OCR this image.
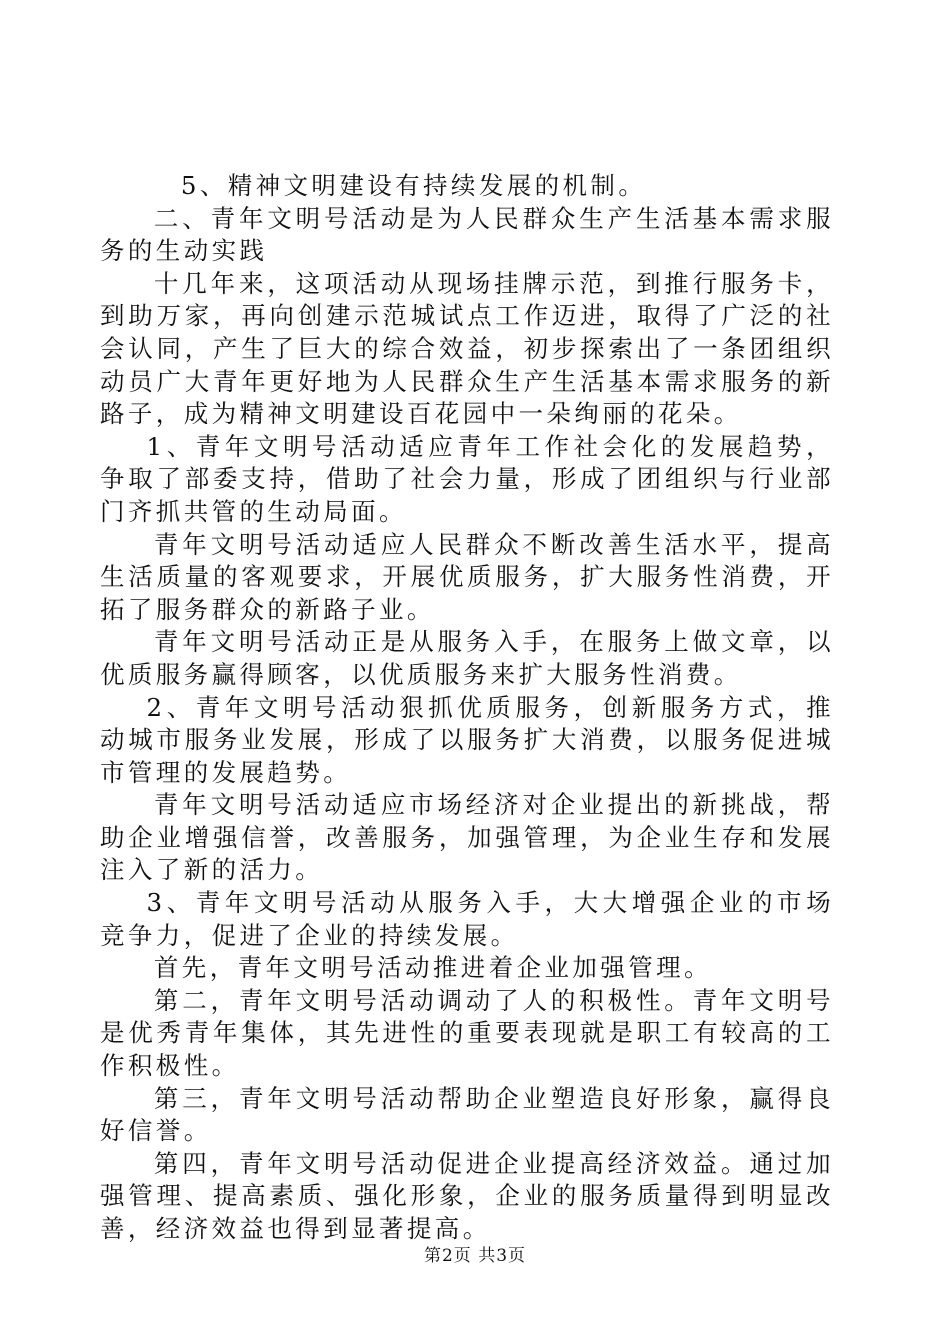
5、精神文明建设有持续发展的机制。

二、青年文明号活动是为人民群众生产生活基本需求服务的生动实践

十几年来，这项活动从现场挂牌示范，到推行服务卡，到助万家，再向创建示范城试点工作迈进，取得了广泛的社会认同，产生了巨大的综合效益，初步探索出了一条团组织动员广大青年更好地为人民群众生产生活基本需求服务的新路子，成为精神文明建设百花园中一朵绚丽的花朵。

1、青年文明号活动适应青年工作社会化的发展趋势，争取了部委支持，借助了社会力量，形成了团组织与行业部门齐抓共管的生动局面。

青年文明号活动适应人民群众不断改善生活水平，提高生活质量的客观要求，开展优质服务，扩大服务性消费，开拓了服务群众的新路子业。

青年文明号活动正是从服务入手，在服务上做文章，以优质服务赢得顾客，以优质服务来扩大服务性消费。

2、青年文明号活动狠抓优质服务，创新服务方式，推动城市服务业发展，形成了以服务扩大消费，以服务促进城市管理的发展趋势。

青年文明号活动适应市场经济对企业提出的新挑战，帮助企业增强信誉，改善服务，加强管理，为企业生存和发展注入了新的活力。

3、青年文明号活动从服务入手，大大增强企业的市场竞争力，促进了企业的持续发展。

首先，青年文明号活动推进着企业加强管理。

第二，青年文明号活动调动了人的积极性。青年文明号是优秀青年集体，其先进性的重要表现就是职工有较高的工作积极性。

第三，青年文明号活动帮助企业塑造良好形象，赢得良好信誉。

第四，青年文明号活动促进企业提高经济效益。通过加强管理、提高素质、强化形象，企业的服务质量得到明显改善，经济效益也得到显著提高。

第2页 共3页
